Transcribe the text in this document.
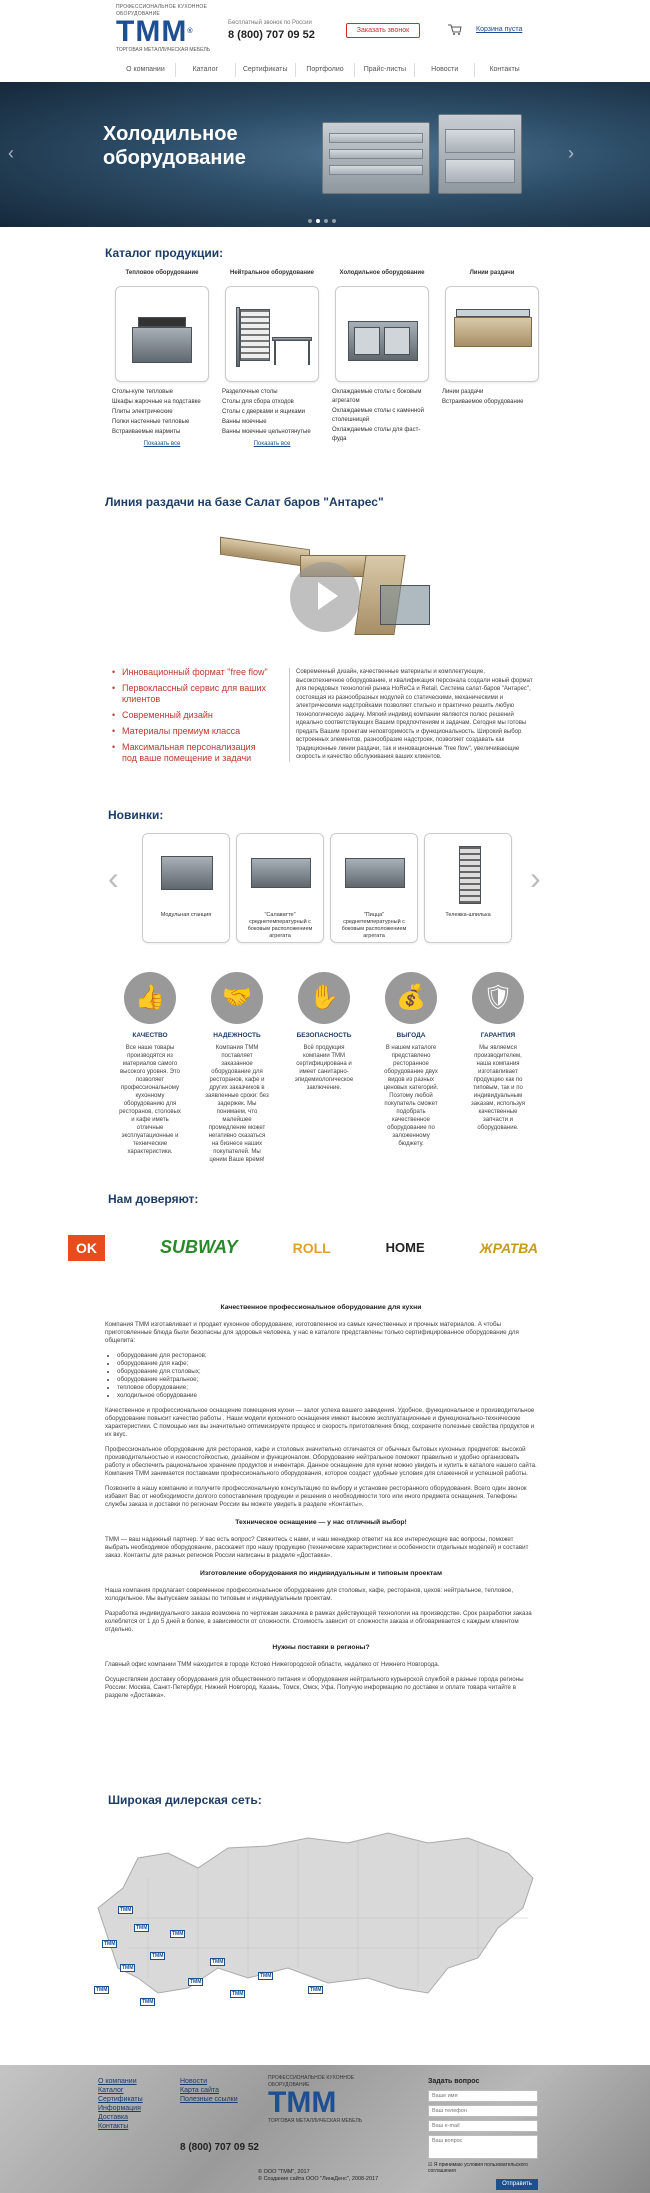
ПРОФЕССИОНАЛЬНОЕ КУХОННОЕ ОБОРУДОВАНИЕ
ТММ®
ТОРГОВАЯ МЕТАЛЛИЧЕСКАЯ МЕБЕЛЬ
Бесплатный звонок по России
8 (800) 707 09 52	Заказать звонок	Корзина пуста
О компании	Каталог	Сертификаты	Портфолио	Прайс-листы	Новости	Контакты
‹
Холодильное оборудование	›
Каталог продукции:
Тепловое оборудование
Столы-купе тепловые
Шкафы жарочные на подставке
Плиты электрические
Полки настенные тепловые
Встраиваемые мармиты
Показать все
Нейтральное оборудование
Разделочные столы
Столы для сбора отходов
Столы с дверками и ящиками
Ванны моечные
Ванны моечные цельнотянутые
Показать все
Холодильное оборудование
Охлаждаемые столы с боковым агрегатом
Охлаждаемые столы с каменной столешницей
Охлаждаемые столы для фаст-фуда
Линии раздачи
Линии раздачи
Встраиваемое оборудование
Линия раздачи на базе Салат баров "Антарес"
• Инновационный формат "free flow"
• Первоклассный сервис для ваших клиентов
• Современный дизайн
• Материалы премиум класса
• Максимальная персонализация под ваше помещение и задачи
Современный дизайн, качественные материалы и комплектующие, высокотехничное оборудование, и квалификация персонала создали новый формат для передовых технологий рынка HoReCa и Retail. Система салат-баров "Антарес", состоящая из разнообразных модулей со статическими, механическими и электрическими надстройками позволяет стильно и практично решить любую технологическую задачу. Мягкий индивид компании являются полюс решений идеально соответствующих Вашим предпочтениям и задачам. Сегодня мы готовы предать Вашим проектам неповторимость и функциональность. Широкий выбор встроенных элементов, разнообразие надстроек, позволяет создавать как традиционные линии раздачи, так и инновационные "free flow", увеличивающие скорость и качество обслуживания ваших клиентов.
Новинки:
‹
Модульная станция	"Салаватте" среднетемпературный с боковым расположением агрегата
"Пицца" среднетемпературный с боковым расположением агрегата
Тележка-шпилька
›
👍
КАЧЕСТВО
Все наше товары производятся из материалов самого высокого уровня. Это позволяет профессиональному кухонному оборудованию для ресторанов, столовых и кафе иметь отличные эксплуатационные и технические характеристики.
🤝
НАДЕЖНОСТЬ
Компания ТММ поставляет заказанное оборудование для ресторанов, кафе и других заказчиков в заявленные сроки: без задержек. Мы понимаем, что малейшее промедление может негативно сказаться на бизнесе наших покупателей. Мы ценим Ваше время!
✋
БЕЗОПАСНОСТЬ
Всё продукция компании ТММ сертифицирована и имеет санитарно-эпидемиологическое заключение.
💰
ВЫГОДА
В нашем каталоге представлено ресторанное оборудование двух видов из разных ценовых категорий. Поэтому любой покупатель сможет подобрать качественное оборудование по заложенному бюджету.
🛡
ГАРАНТИЯ
Мы являемся производителем, наша компания изготавливает продукцию как по типовым, так и по индивидуальным заказам, используя качественные запчасти и оборудование.
Нам доверяют:
OK	SUBWAY	ROLL	HOME	ЖРАТВА
Качественное профессиональное оборудование для кухни
Компания ТММ изготавливает и продает кухонное оборудование, изготовленное из самых качественных и прочных материалов. А чтобы приготовленные блюда были безопасны для здоровья человека, у нас в каталоге представлены только сертифицированное оборудование для общепита:
• оборудование для ресторанов;
• оборудование для кафе;
• оборудование для столовых;
• оборудование нейтральное;
• тепловое оборудование;
• холодильное оборудование
Качественное и профессиональное оснащение помещения кухни — залог успеха вашего заведения. Удобное, функциональное и производительное оборудование повысит качество работы . Наши модели кухонного оснащения имеют высокие эксплуатационные и функционально-технические характеристики. С помощью них вы значительно оптимизируете процесс и скорость приготовления блюд, сохраните полезные свойства продуктов и их вкус.
Профессиональное оборудование для ресторанов, кафе и столовых значительно отличается от обычных бытовых кухонных предметов: высокой производительностью и износостойкостью, дизайном и функционалом. Оборудование нейтральное поможет правильно и удобно организовать работу и обеспечить рациональное хранение продуктов и инвентаря. Данное оснащение для кухни можно увидеть и купить в каталоге нашего сайта. Компания ТММ занимается поставками профессионального оборудования, которое создаст удобные условия для слаженной и успешной работы.
Позвоните в нашу компанию и получите профессиональную консультацию по выбору и установке ресторанного оборудования. Всего один звонок избавит Вас от необходимости долгого сопоставления продукции и решения о необходимости того или иного предмета оснащения. Телефоны службы заказа и доставки по регионам России вы можете увидеть в разделе «Контакты».
Техническое оснащение — у нас отличный выбор!
ТММ — ваш надежный партнер. У вас есть вопрос? Свяжитесь с нами, и наш менеджер ответит на все интересующие вас вопросы, поможет выбрать необходимое оборудование, расскажет про нашу продукцию (технические характеристики и особенности отдельных моделей) и составит заказ. Контакты для разных регионов России написаны в разделе «Доставка».
Изготовление оборудования по индивидуальным и типовым проектам
Наша компания предлагает современное профессиональное оборудование для столовых, кафе, ресторанов, цехов: нейтральное, тепловое, холодильное. Мы выпускаем заказы по типовым и индивидуальным проектам.
Разработка индивидуального заказа возможна по чертежам заказчика в рамках действующей технологии на производстве. Срок разработки заказа колеблется от 1 до 5 дней в более, в зависимости от сложности. Стоимость зависит от сложности заказа и обговаривается с каждым клиентом отдельно.
Нужны поставки в регионы?
Главный офис компании ТММ находится в городе Кстово Нижегородской области, недалеко от Нижнего Новгорода.
Осуществляем доставку оборудования для общественного питания и оборудования нейтрального курьерской службой в разные города регионы России: Москва, Санкт-Петербург, Нижний Новгород, Казань, Томск, Омск, Уфа. Получую информацию по доставке и оплате товара читайте в разделе «Доставка».
Широкая дилерская сеть:
TMM
TMM
TMM
TMM
TMM
TMM
TMM
TMM
TMM
TMM
TMM
TMM
TMM
О компании
Каталог
Сертификаты
Информация
Доставка
Контакты
Новости
Карта сайта
Полезные ссылки
ПРОФЕССИОНАЛЬНОЕ КУХОННОЕ ОБОРУДОВАНИЕ
ТММ
ТОРГОВАЯ МЕТАЛЛИЧЕСКАЯ МЕБЕЛЬ
8 (800) 707 09 52
© ООО "ТММ", 2017
© Создание сайта ООО "ЛинкДенс", 2008-2017
Задать вопрос
Ваше имя
Ваш телефон
Ваш e-mail
Ваш вопрос
☑ Я принимаю условия пользовательского соглашения
Отправить
